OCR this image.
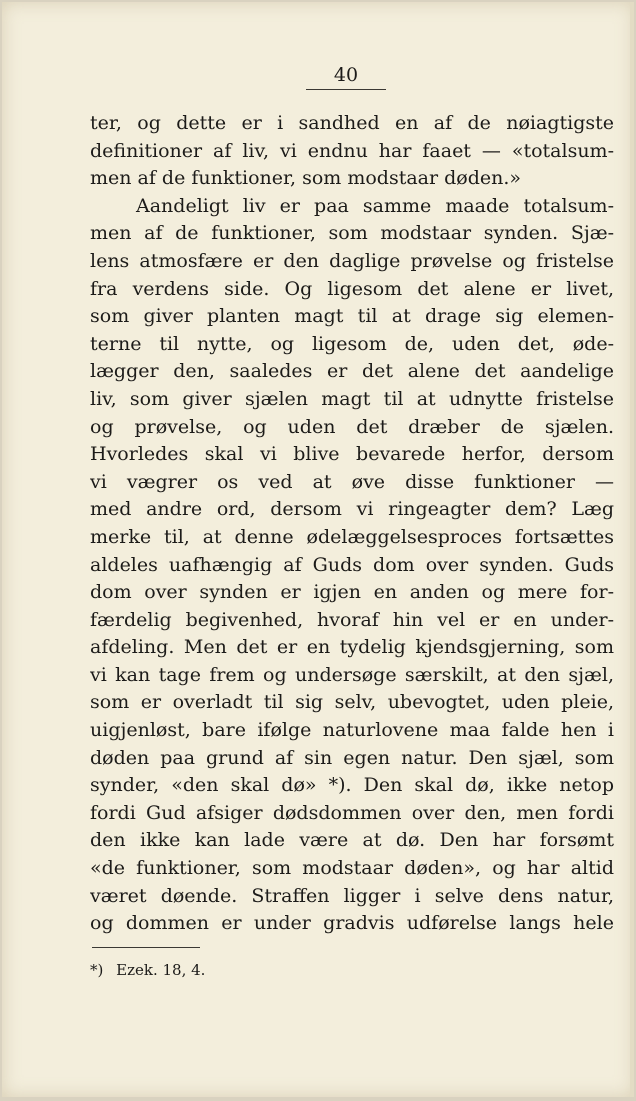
40
ter, og dette er i sandhed en af de nøiagtigste
definitioner af liv, vi endnu har faaet — «totalsum-
men af de funktioner, som modstaar døden.»
Aandeligt liv er paa samme maade totalsum-
men af de funktioner, som modstaar synden. Sjæ-
lens atmosfære er den daglige prøvelse og fristelse
fra verdens side. Og ligesom det alene er livet,
som giver planten magt til at drage sig elemen-
terne til nytte, og ligesom de, uden det, øde-
lægger den, saaledes er det alene det aandelige
liv, som giver sjælen magt til at udnytte fristelse
og prøvelse, og uden det dræber de sjælen.
Hvorledes skal vi blive bevarede herfor, dersom
vi vægrer os ved at øve disse funktioner —
med andre ord, dersom vi ringeagter dem? Læg
merke til, at denne ødelæggelsesproces fortsættes
aldeles uafhængig af Guds dom over synden. Guds
dom over synden er igjen en anden og mere for-
færdelig begivenhed, hvoraf hin vel er en under-
afdeling. Men det er en tydelig kjendsgjerning, som
vi kan tage frem og undersøge særskilt, at den sjæl,
som er overladt til sig selv, ubevogtet, uden pleie,
uigjenløst, bare ifølge naturlovene maa falde hen i
døden paa grund af sin egen natur. Den sjæl, som
synder, «den skal dø» *). Den skal dø, ikke netop
fordi Gud afsiger dødsdommen over den, men fordi
den ikke kan lade være at dø. Den har forsømt
«de funktioner, som modstaar døden», og har altid
været døende. Straffen ligger i selve dens natur,
og dommen er under gradvis udførelse langs hele
*) Ezek. 18, 4.
